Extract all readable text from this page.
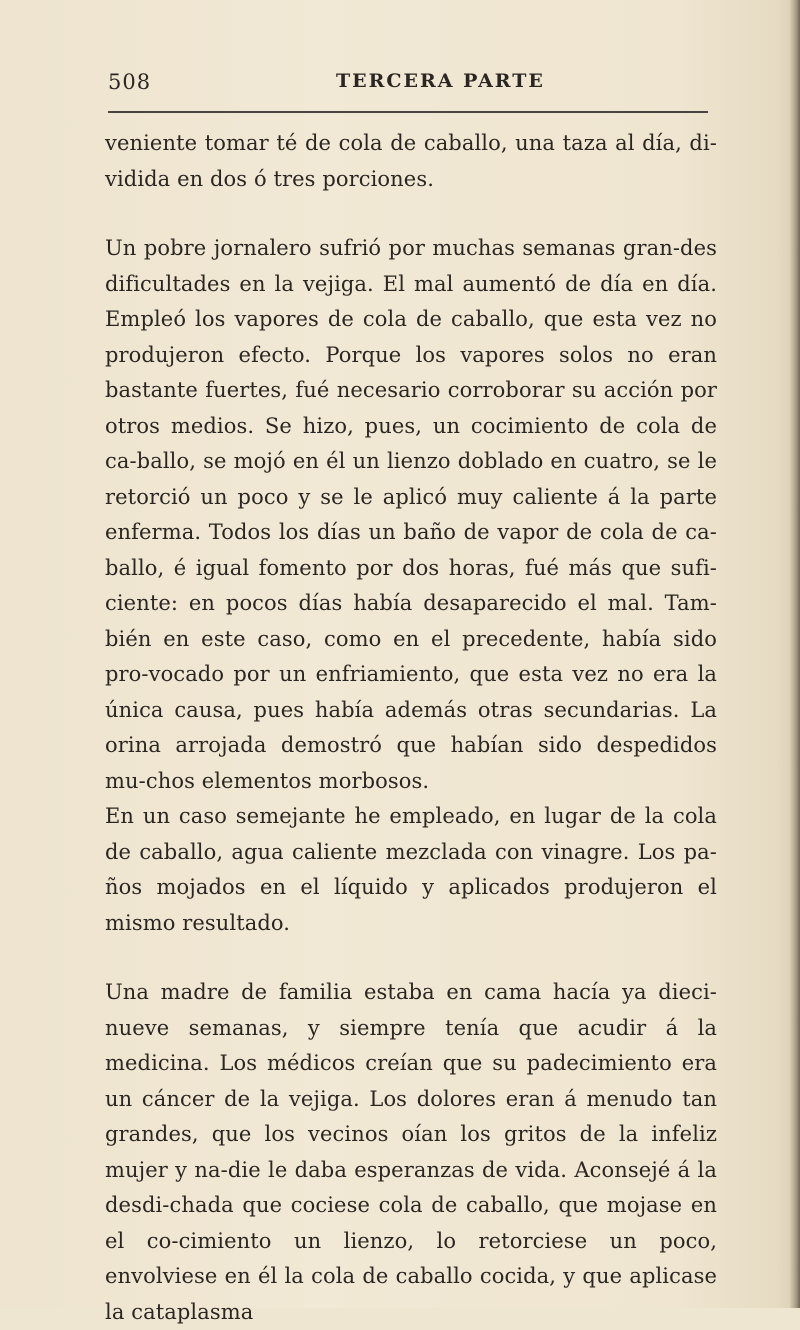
508	TERCERA PARTE

veniente tomar té de cola de caballo, una taza al día, di-vidida en dos ó tres porciones.

Un pobre jornalero sufrió por muchas semanas gran-des dificultades en la vejiga. El mal aumentó de día en día. Empleó los vapores de cola de caballo, que esta vez no produjeron efecto. Porque los vapores solos no eran bastante fuertes, fué necesario corroborar su acción por otros medios. Se hizo, pues, un cocimiento de cola de ca-ballo, se mojó en él un lienzo doblado en cuatro, se le retorció un poco y se le aplicó muy caliente á la parte enferma. Todos los días un baño de vapor de cola de ca-ballo, é igual fomento por dos horas, fué más que sufi-ciente: en pocos días había desaparecido el mal. Tam-bién en este caso, como en el precedente, había sido pro-vocado por un enfriamiento, que esta vez no era la única causa, pues había además otras secundarias. La orina arrojada demostró que habían sido despedidos mu-chos elementos morbosos.

En un caso semejante he empleado, en lugar de la cola de caballo, agua caliente mezclada con vinagre. Los pa-ños mojados en el líquido y aplicados produjeron el mismo resultado.

Una madre de familia estaba en cama hacía ya dieci-nueve semanas, y siempre tenía que acudir á la medicina. Los médicos creían que su padecimiento era un cáncer de la vejiga. Los dolores eran á menudo tan grandes, que los vecinos oían los gritos de la infeliz mujer y na-die le daba esperanzas de vida. Aconsejé á la desdi-chada que cociese cola de caballo, que mojase en el co-cimiento un lienzo, lo retorciese un poco, envolviese en él la cola de caballo cocida, y que aplicase la cataplasma
